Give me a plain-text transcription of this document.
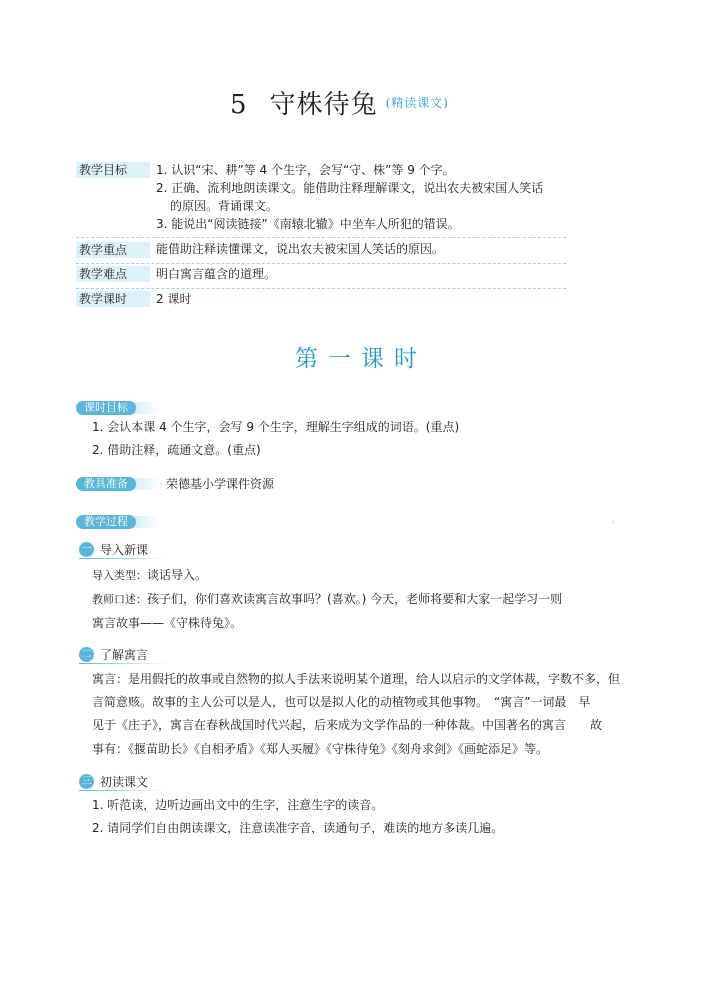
5 守株待兔 $^{(精读课文)}$
教学目标	1. 认识“宋、耕”等 4 个生字，会写“守、株”等 9 个字。
2. 正确、流利地朗读课文。能借助注释理解课文，说出农夫被宋国人笑话
的原因。背诵课文。
3. 能说出“阅读链接”《南辕北辙》中坐车人所犯的错误。
教学重点	能借助注释读懂课文，说出农夫被宋国人笑话的原因。
教学难点	明白寓言蕴含的道理。
教学课时	2 课时
第一课时
课时目标
1. 会认本课 4 个生字，会写 9 个生字，理解生字组成的词语。(重点)
2. 借助注释，疏通文意。(重点)
教具准备	荣德基小学课件资源
教学过程	·
一 导入新课
导入类型：谈话导入。
教师口述：孩子们，你们喜欢读寓言故事吗？(喜欢。) 今天，老师将要和大家一起学习一则
寓言故事——《守株待兔》。
二 了解寓言
寓言：是用假托的故事或自然物的拟人手法来说明某个道理，给人以启示的文学体裁，字数不多，但
言简意赅。故事的主人公可以是人，也可以是拟人化的动植物或其他事物。　“寓言”一词最　早
见于《庄子》，寓言在春秋战国时代兴起，后来成为文学作品的一种体裁。中国著名的寓言　　故
事有：《揠苗助长》《自相矛盾》《郑人买履》《守株待兔》《刻舟求剑》《画蛇添足》等。
三 初读课文
1. 听范读，边听边画出文中的生字，注意生字的读音。
2. 请同学们自由朗读课文，注意读准字音，读通句子，难读的地方多读几遍。
